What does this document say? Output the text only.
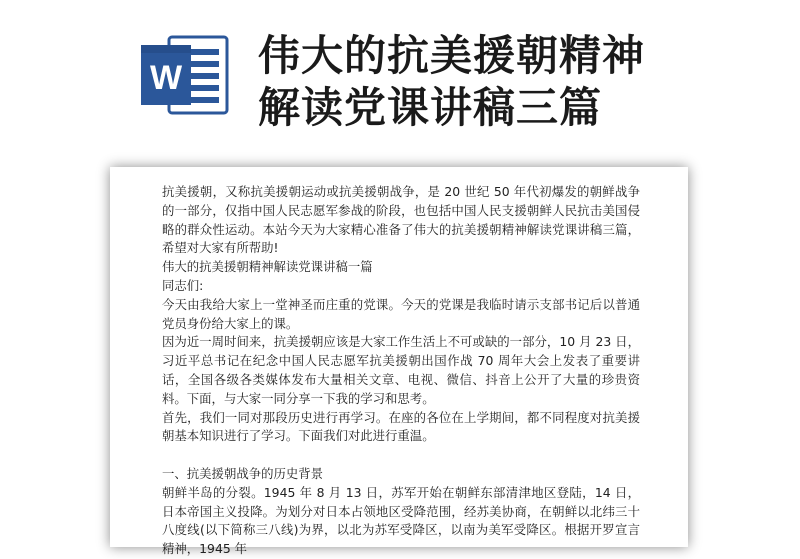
W 伟大的抗美援朝精神
解读党课讲稿三篇

抗美援朝，又称抗美援朝运动或抗美援朝战争，是 20 世纪 50 年代初爆发的朝鲜战争的一部分，仅指中国人民志愿军参战的阶段，也包括中国人民支援朝鲜人民抗击美国侵略的群众性运动。本站今天为大家精心准备了伟大的抗美援朝精神解读党课讲稿三篇，希望对大家有所帮助!

伟大的抗美援朝精神解读党课讲稿一篇

同志们:

今天由我给大家上一堂神圣而庄重的党课。今天的党课是我临时请示支部书记后以普通党员身份给大家上的课。

因为近一周时间来，抗美援朝应该是大家工作生活上不可或缺的一部分，10 月 23 日，习近平总书记在纪念中国人民志愿军抗美援朝出国作战 70 周年大会上发表了重要讲话，全国各级各类媒体发布大量相关文章、电视、微信、抖音上公开了大量的珍贵资料。下面，与大家一同分享一下我的学习和思考。

首先，我们一同对那段历史进行再学习。在座的各位在上学期间，都不同程度对抗美援朝基本知识进行了学习。下面我们对此进行重温。

一、抗美援朝战争的历史背景

朝鲜半岛的分裂。1945 年 8 月 13 日，苏军开始在朝鲜东部清津地区登陆，14 日，日本帝国主义投降。为划分对日本占领地区受降范围，经苏美协商，在朝鲜以北纬三十八度线(以下简称三八线)为界，以北为苏军受降区，以南为美军受降区。根据开罗宣言精神，1945 年
